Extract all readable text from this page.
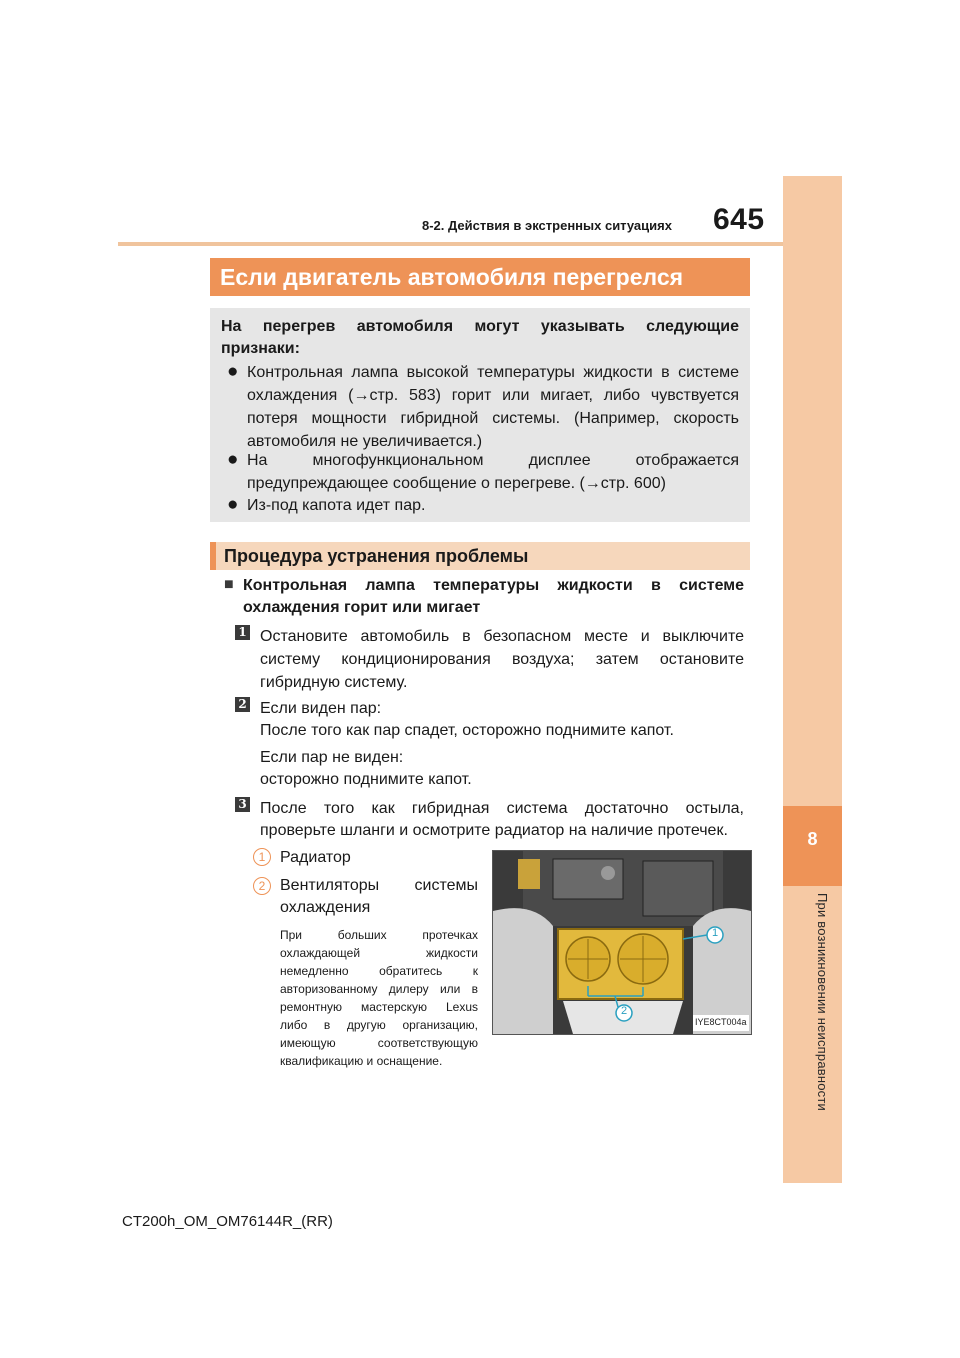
8-2. Действия в экстренных ситуациях	645
8
При возникновении неисправности
Если двигатель автомобиля перегрелся
На перегрев автомобиля могут указывать следующие
признаки:
● Контрольная лампа высокой температуры жидкости в системе
охлаждения (→стр. 583) горит или мигает, либо чувствуется
потеря мощности гибридной системы. (Например, скорость
автомобиля не увеличивается.)
● На многофункциональном дисплее отображается
предупреждающее сообщение о перегреве. (→стр. 600)
● Из-под капота идет пар.
Процедура устранения проблемы
■ Контрольная лампа температуры жидкости в системе
охлаждения горит или мигает
1 Остановите автомобиль в безопасном месте и выключите
систему кондиционирования воздуха; затем остановите
гибридную систему.
2 Если виден пар:
После того как пар спадет, осторожно поднимите капот.
Если пар не виден:
осторожно поднимите капот.
3 После того как гибридная система достаточно остыла,
проверьте шланги и осмотрите радиатор на наличие протечек.
1 Радиатор
2 Вентиляторы системы
охлаждения
При больших протечках
охлаждающей жидкости
немедленно обратитесь к
авторизованному дилеру или в
ремонтную мастерскую Lexus
либо в другую организацию,
имеющую соответствующую
квалификацию и оснащение.
1
2
IYE8CT004a
CT200h_OM_OM76144R_(RR)
